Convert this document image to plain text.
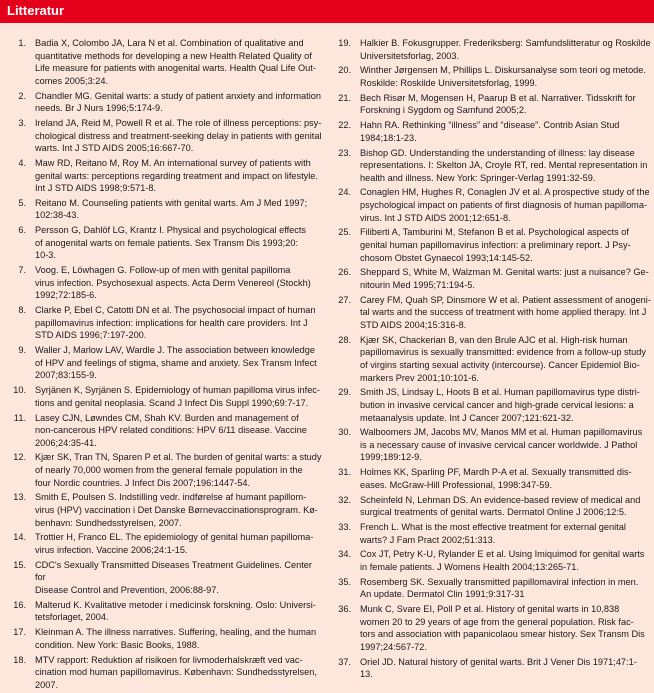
Litteratur
1. Badia X, Colombo JA, Lara N et al. Combination of qualitative and
quantitative methods for developing a new Health Related Quality of
Life measure for patients with anogenital warts. Health Qual Life Out-
comes 2005;3:24.
2. Chandler MG. Genital warts: a study of patient anxiety and information
needs. Br J Nurs 1996;5:174-9.
3. Ireland JA, Reid M, Powell R et al. The role of illness perceptions: psy-
chological distress and treatment-seeking delay in patients with genital
warts. Int J STD AIDS 2005;16:667-70.
4. Maw RD, Reitano M, Roy M. An international survey of patients with
genital warts: perceptions regarding treatment and impact on lifestyle.
Int J STD AIDS 1998;9:571-8.
5. Reitano M. Counseling patients with genital warts. Am J Med 1997;
102:38-43.
6. Persson G, Dahlöf LG, Krantz I. Physical and psychological effects
of anogenital warts on female patients. Sex Transm Dis 1993;20:
10-3.
7. Voog. E, Löwhagen G. Follow-up of men with genital papilloma
virus infection. Psychosexual aspects. Acta Derm Venereol (Stockh)
1992;72:185-6.
8. Clarke P, Ebel C, Catotti DN et al. The psychosocial impact of human
papillomavirus infection: implications for health care providers. Int J
STD AIDS 1996;7:197-200.
9. Waller J, Marlow LAV, Wardle J. The association between knowledge
of HPV and feelings of stigma, shame and anxiety. Sex Transm Infect
2007;83:155-9.
10. Syrjänen K, Syrjänen S. Epidemiology of human papilloma virus infec-
tions and genital neoplasia. Scand J Infect Dis Suppl 1990;69:7-17.
11. Lasey CJN, Løwndes CM, Shah KV. Burden and management of
non-cancerous HPV related conditions: HPV 6/11 disease. Vaccine
2006;24:35-41.
12. Kjær SK, Tran TN, Sparen P et al. The burden of genital warts: a study
of nearly 70,000 women from the general female population in the
four Nordic countries. J Infect Dis 2007;196:1447-54.
13. Smith E, Poulsen S. Indstilling vedr. indførelse af humant papillom-
virus (HPV) vaccination i Det Danske Børnevaccinationsprogram. Kø-
benhavn: Sundhedsstyrelsen, 2007.
14. Trottier H, Franco EL. The epidemiology of genital human papilloma-
virus infection. Vaccine 2006;24:1-15.
15. CDC's Sexually Transmitted Diseases Treatment Guidelines. Center for
Disease Control and Prevention, 2006:88-97.
16. Malterud K. Kvalitative metoder i medicinsk forskning. Oslo: Universi-
tetsforlaget, 2004.
17. Kleinman A. The illness narratives. Suffering, healing, and the human
condition. New York: Basic Books, 1988.
18. MTV rapport: Reduktion af risikoen for livmoderhalskræft ved vac-
cination mod human papillomavirus. København: Sundhedsstyrelsen,
2007.
19. Halkier B. Fokusgrupper. Frederiksberg: Samfundslitteratur og Roskilde
Universitetsforlag, 2003.
20. Winther Jørgensen M, Phillips L. Diskursanalyse som teori og metode.
Roskilde: Roskilde Universitetsforlag, 1999.
21. Bech Risør M, Mogensen H, Paarup B et al. Narrativer. Tidsskrift for
Forskning i Sygdom og Samfund 2005;2.
22. Hahn RA. Rethinking “illness” and “disease”. Contrib Asian Stud
1984;18:1-23.
23. Bishop GD. Understanding the understanding of illness: lay disease
representations. I: Skelton JA, Croyle RT, red. Mental representation in
health and illness. New York: Springer-Verlag 1991:32-59.
24. Conaglen HM, Hughes R, Conaglen JV et al. A prospective study of the
psychological impact on patients of first diagnosis of human papilloma-
virus. Int J STD AIDS 2001;12:651-8.
25. Filiberti A, Tamburini M, Stefanon B et al. Psychological aspects of
genital human papillomavirus infection: a preliminary report. J Psy-
chosom Obstet Gynaecol 1993;14:145-52.
26. Sheppard S, White M, Walzman M. Genital warts: just a nuisance? Ge-
nitourin Med 1995;71:194-5.
27. Carey FM, Quah SP, Dinsmore W et al. Patient assessment of anogeni-
tal warts and the success of treatment with home applied therapy. Int J
STD AIDS 2004;15:316-8.
28. Kjær SK, Chackerian B, van den Brule AJC et al. High-risk human
papillomavirus is sexually transmitted: evidence from a follow-up study
of virgins starting sexual activity (intercourse). Cancer Epidemiol Bio-
markers Prev 2001;10:101-6.
29. Smith JS, Lindsay L, Hoots B et al. Human papillomavirus type distri-
bution in invasive cervical cancer and high-grade cervical lesions: a
metaanalysis update. Int J Cancer 2007;121:621-32.
30. Walboomers JM, Jacobs MV, Manos MM et al. Human papillomavirus
is a necessary cause of invasive cervical cancer worldwide. J Pathol
1999;189:12-9.
31. Holmes KK, Sparling PF, Mardh P-A et al. Sexually transmitted dis-
eases. McGraw-Hill Professional, 1998:347-59.
32. Scheinfeld N, Lehman DS. An evidence-based review of medical and
surgical treatments of genital warts. Dermatol Online J 2006;12:5.
33. French L. What is the most effective treatment for external genital
warts? J Fam Pract 2002;51:313.
34. Cox JT, Petry K-U, Rylander E et al. Using Imiquimod for genital warts
in female patients. J Womens Health 2004;13:265-71.
35. Rosemberg SK. Sexually transmitted papillomaviral infection in men.
An update. Dermatol Clin 1991;9:317-31
36. Munk C, Svare EI, Poll P et al. History of genital warts in 10,838
women 20 to 29 years of age from the general population. Risk fac-
tors and association with papanicolaou smear history. Sex Transm Dis
1997;24:567-72.
37. Oriel JD. Natural history of genital warts. Brit J Vener Dis 1971;47:1-
13.
